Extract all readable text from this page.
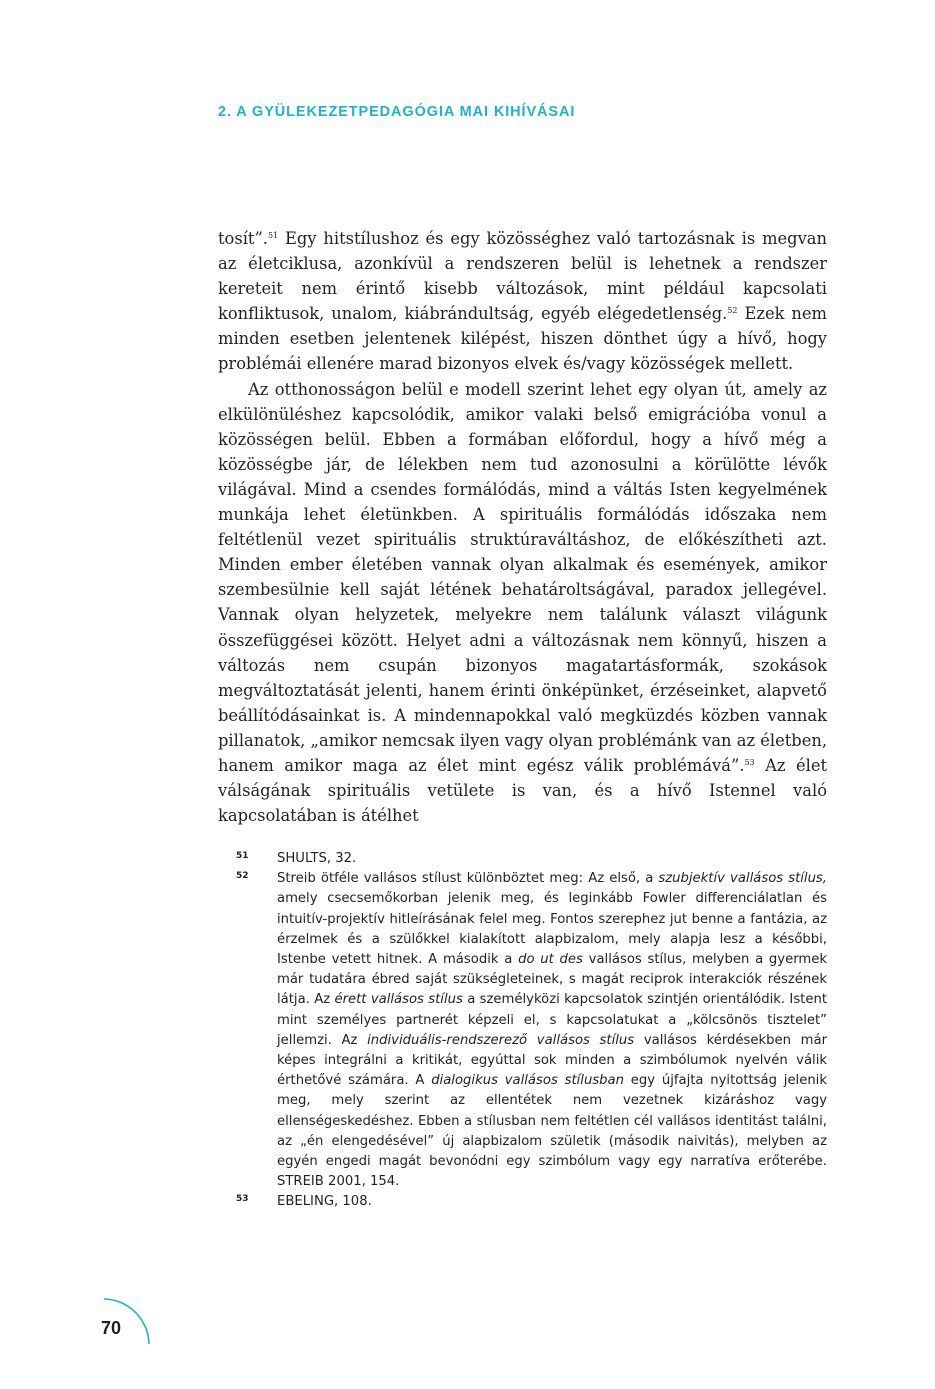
2. A GYÜLEKEZETPEDAGÓGIA MAI KIHÍVÁSAI

tosít”.$^{51}$ Egy hitstílushoz és egy közösséghez való tartozásnak is megvan az életciklusa, azonkívül a rendszeren belül is lehetnek a rendszer kereteit nem érintő kisebb változások, mint például kapcsolati konfliktusok, unalom, kiábrándultság, egyéb elégedetlenség.$^{52}$ Ezek nem minden esetben jelentenek kilépést, hiszen dönthet úgy a hívő, hogy problémái ellenére marad bizonyos elvek és/vagy közösségek mellett.

Az otthonosságon belül e modell szerint lehet egy olyan út, amely az elkülönüléshez kapcsolódik, amikor valaki belső emigrációba vonul a közösségen belül. Ebben a formában előfordul, hogy a hívő még a közösségbe jár, de lélekben nem tud azonosulni a körülötte lévők világával. Mind a csendes formálódás, mind a váltás Isten kegyelmének munkája lehet életünkben. A spirituális formálódás időszaka nem feltétlenül vezet spirituális struktúraváltáshoz, de előkészítheti azt. Minden ember életében vannak olyan alkalmak és események, amikor szembesülnie kell saját létének behatároltságával, paradox jellegével. Vannak olyan helyzetek, melyekre nem találunk választ világunk összefüggései között. Helyet adni a változásnak nem könnyű, hiszen a változás nem csupán bizonyos magatartásformák, szokások megváltoztatását jelenti, hanem érinti önképünket, érzéseinket, alapvető beállítódásainkat is. A mindennapokkal való megküzdés közben vannak pillanatok, „amikor nemcsak ilyen vagy olyan problémánk van az életben, hanem amikor maga az élet mint egész válik problémává”.$^{53}$ Az élet válságának spirituális vetülete is van, és a hívő Istennel való kapcsolatában is átélhet

51	SHULTS, 32.
52	Streib ötféle vallásos stílust különböztet meg: Az első, a szubjektív vallásos stílus, amely csecsemőkorban jelenik meg, és leginkább Fowler differenciálatlan és intuitív-projektív hitleírásának felel meg. Fontos szerephez jut benne a fantázia, az érzelmek és a szülőkkel kialakított alapbizalom, mely alapja lesz a későbbi, Istenbe vetett hitnek. A második a do ut des vallásos stílus, melyben a gyermek már tudatára ébred saját szükségleteinek, s magát reciprok interakciók részének látja. Az érett vallásos stílus a személyközi kapcsolatok szintjén orientálódik. Istent mint személyes partnerét képzeli el, s kapcsolatukat a „kölcsönös tisztelet” jellemzi. Az individuális-rendszerező vallásos stílus vallásos kérdésekben már képes integrálni a kritikát, egyúttal sok minden a szimbólumok nyelvén válik érthetővé számára. A dialogikus vallásos stílusban egy újfajta nyitottság jelenik meg, mely szerint az ellentétek nem vezetnek kizáráshoz vagy ellenségeskedéshez. Ebben a stílusban nem feltétlen cél vallásos identitást találni, az „én elengedésével” új alapbizalom születik (második naivitás), melyben az egyén engedi magát bevonódni egy szimbólum vagy egy narratíva erőterébe. STREIB 2001, 154.
53	EBELING, 108.
70
